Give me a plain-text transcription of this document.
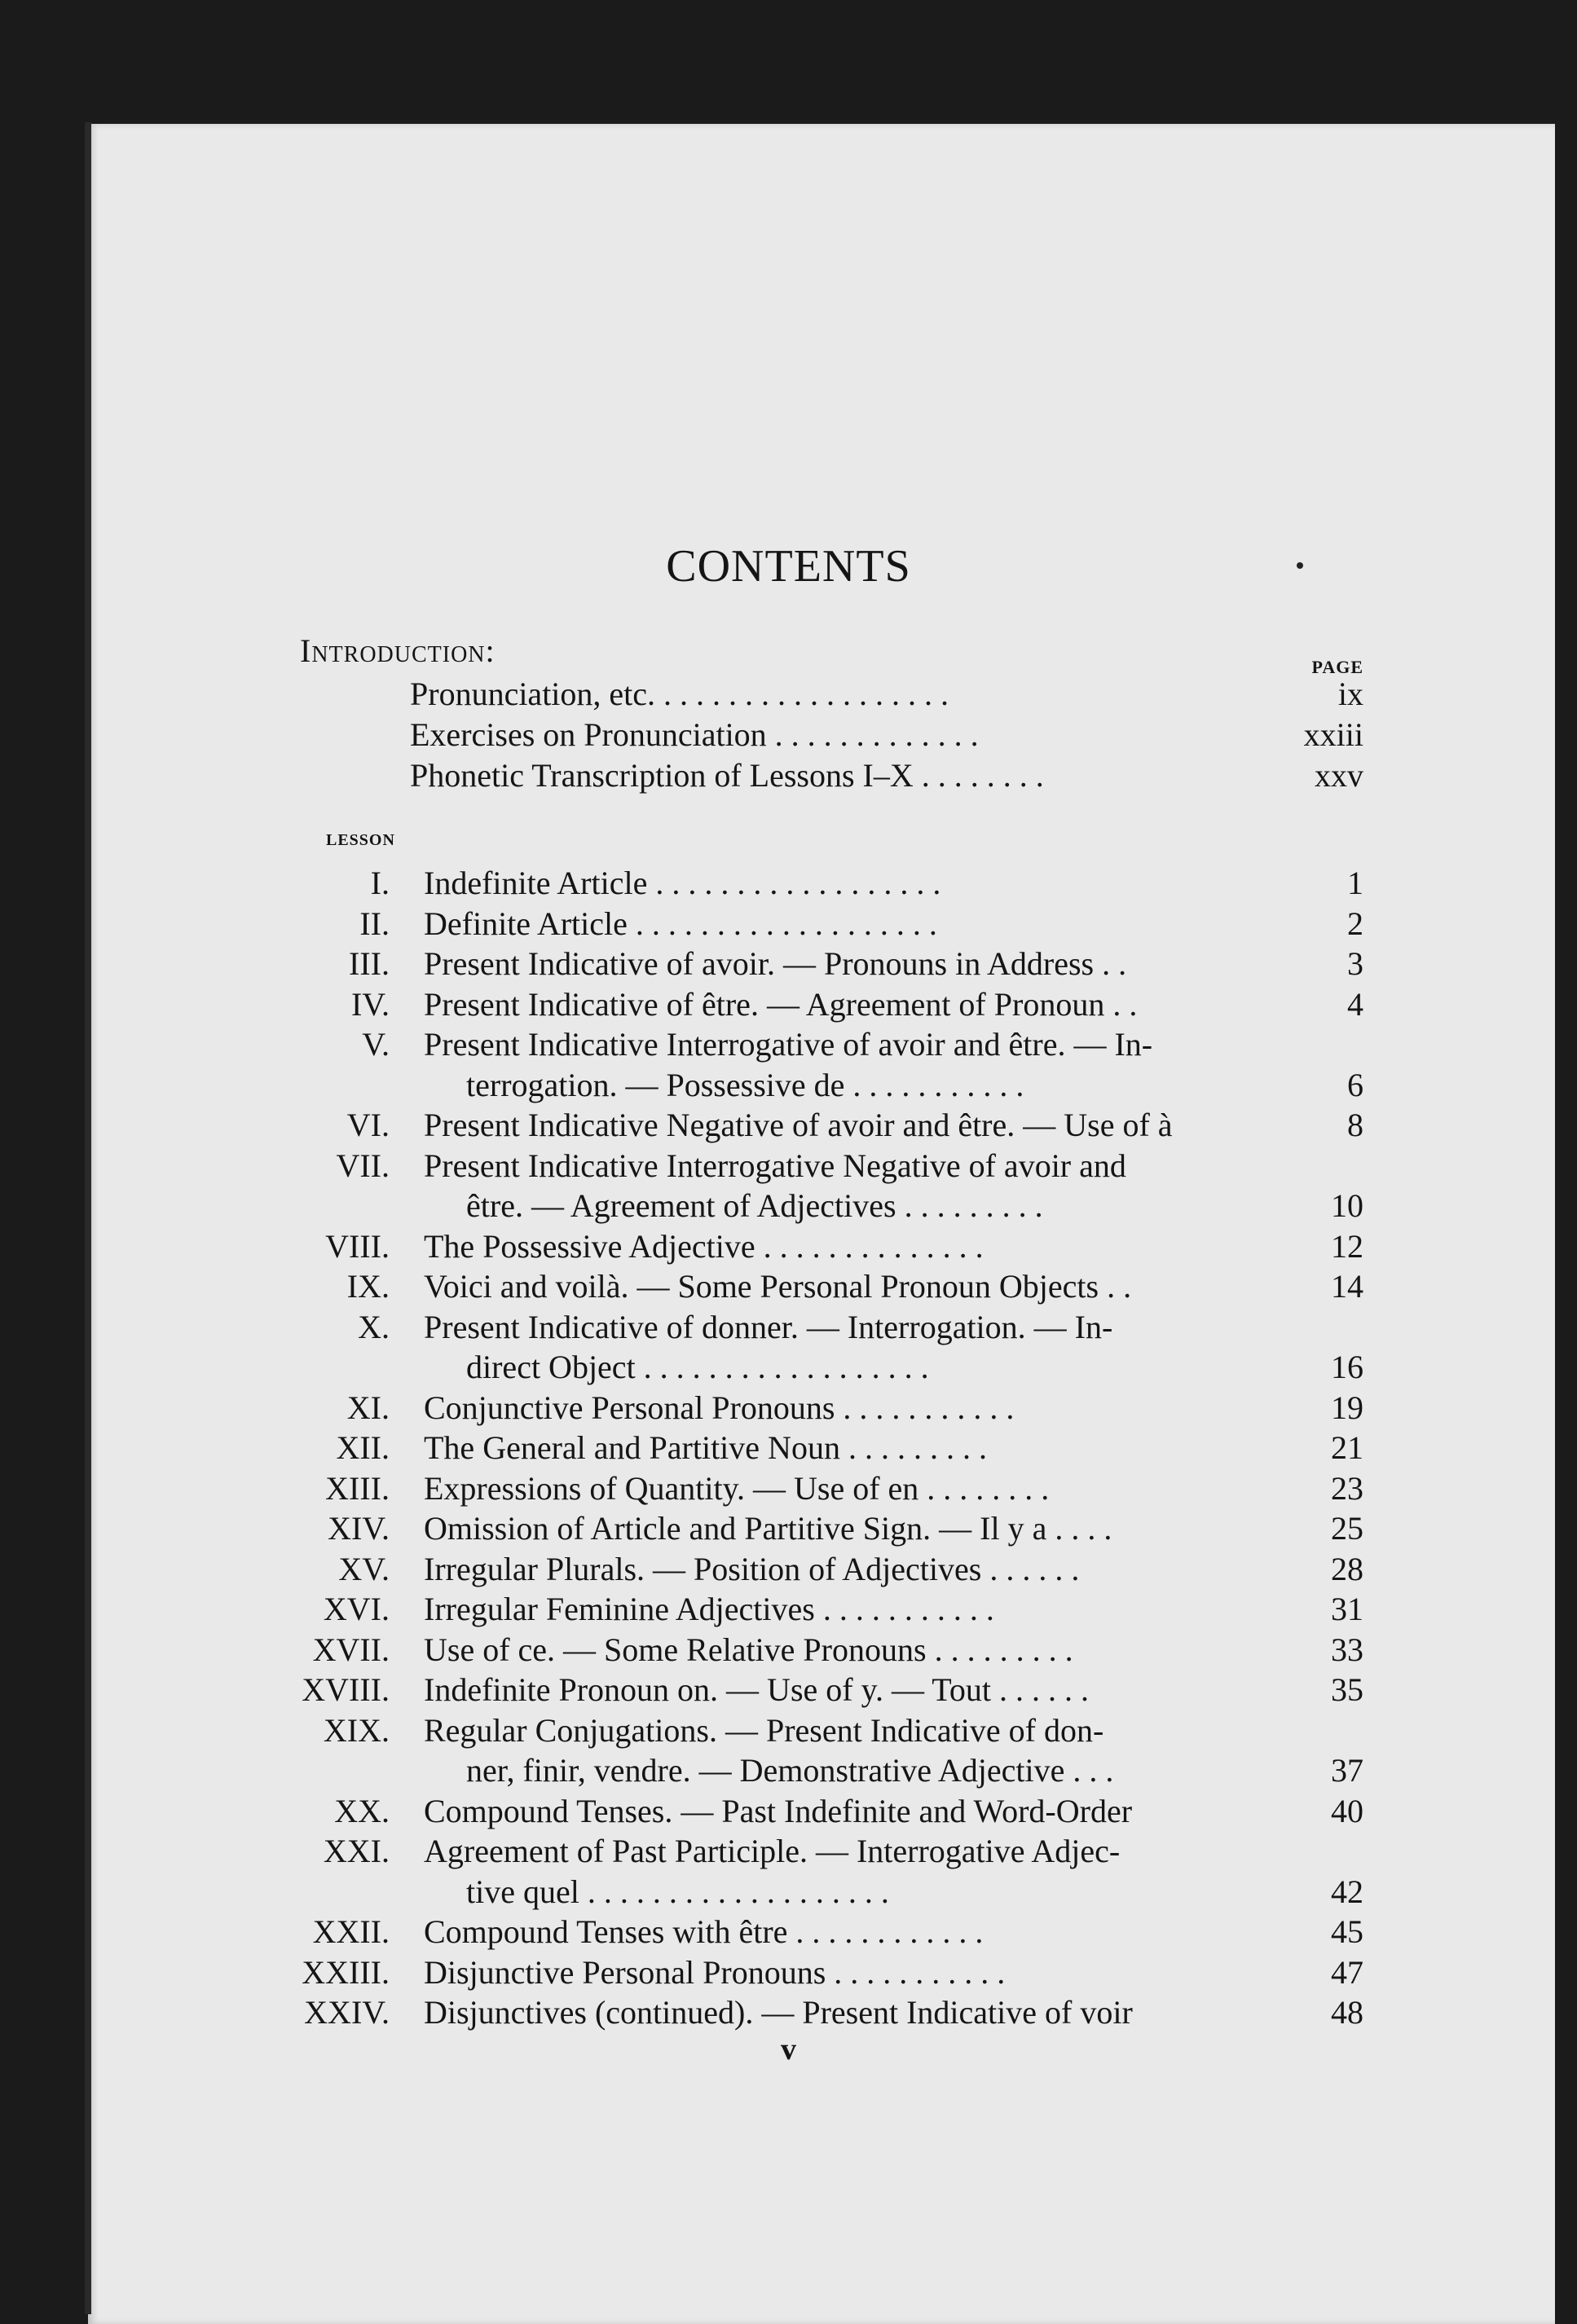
CONTENTS
Introduction:	PAGE
Pronunciation, etc. . . . . . . . . . . . . . . . . . .	ix
Exercises on Pronunciation . . . . . . . . . . . . .	xxiii
Phonetic Transcription of Lessons I–X . . . . . . . .	xxv
LESSON
I.	Indefinite Article . . . . . . . . . . . . . . . . . .	1
II.	Definite Article . . . . . . . . . . . . . . . . . . .	2
III.	Present Indicative of avoir. — Pronouns in Address . .	3
IV.	Present Indicative of être. — Agreement of Pronoun . .	4
V.	Present Indicative Interrogative of avoir and être. — In-
terrogation. — Possessive de . . . . . . . . . . .	6
VI.	Present Indicative Negative of avoir and être. — Use of à	8
VII.	Present Indicative Interrogative Negative of avoir and
être. — Agreement of Adjectives . . . . . . . . .	10
VIII.	The Possessive Adjective . . . . . . . . . . . . . .	12
IX.	Voici and voilà. — Some Personal Pronoun Objects . .	14
X.	Present Indicative of donner. — Interrogation. — In-
direct Object . . . . . . . . . . . . . . . . . .	16
XI.	Conjunctive Personal Pronouns . . . . . . . . . . .	19
XII.	The General and Partitive Noun . . . . . . . . .	21
XIII.	Expressions of Quantity. — Use of en . . . . . . . .	23
XIV.	Omission of Article and Partitive Sign. — Il y a . . . .	25
XV.	Irregular Plurals. — Position of Adjectives . . . . . .	28
XVI.	Irregular Feminine Adjectives . . . . . . . . . . .	31
XVII.	Use of ce. — Some Relative Pronouns . . . . . . . . .	33
XVIII.	Indefinite Pronoun on. — Use of y. — Tout . . . . . .	35
XIX.	Regular Conjugations. — Present Indicative of don-
ner, finir, vendre. — Demonstrative Adjective . . .	37
XX.	Compound Tenses. — Past Indefinite and Word-Order	40
XXI.	Agreement of Past Participle. — Interrogative Adjec-
tive quel . . . . . . . . . . . . . . . . . . .	42
XXII.	Compound Tenses with être . . . . . . . . . . . .	45
XXIII.	Disjunctive Personal Pronouns . . . . . . . . . . .	47
XXIV.	Disjunctives (continued). — Present Indicative of voir	48
v
